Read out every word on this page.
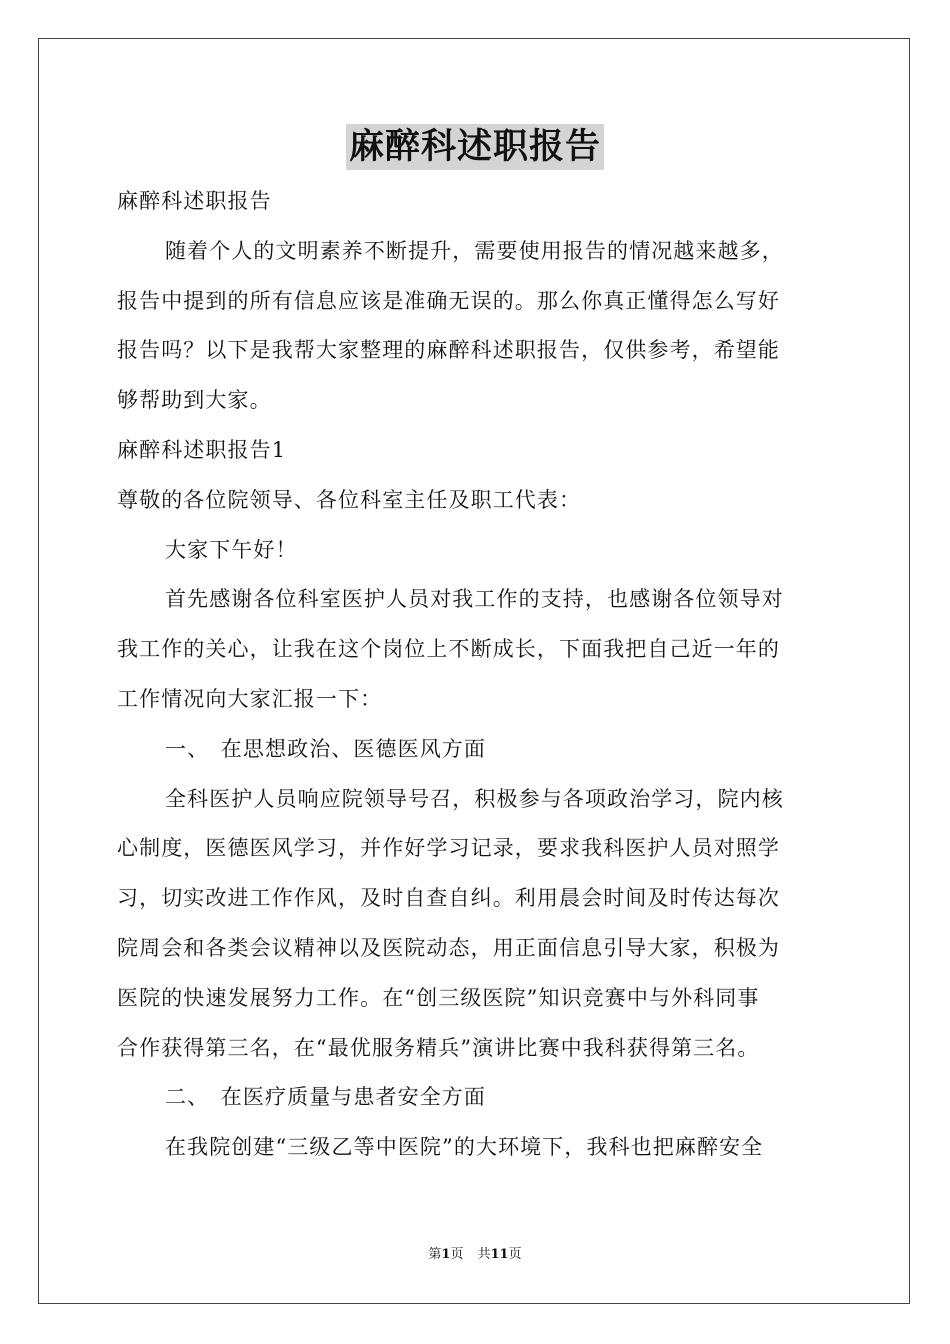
麻醉科述职报告
麻醉科述职报告
随着个人的文明素养不断提升，需要使用报告的情况越来越多，
报告中提到的所有信息应该是准确无误的。那么你真正懂得怎么写好
报告吗？以下是我帮大家整理的麻醉科述职报告，仅供参考，希望能
够帮助到大家。
麻醉科述职报告1
尊敬的各位院领导、各位科室主任及职工代表：
大家下午好！
首先感谢各位科室医护人员对我工作的支持，也感谢各位领导对
我工作的关心，让我在这个岗位上不断成长，下面我把自己近一年的
工作情况向大家汇报一下：
一、　在思想政治、医德医风方面
全科医护人员响应院领导号召，积极参与各项政治学习，院内核
心制度，医德医风学习，并作好学习记录，要求我科医护人员对照学
习，切实改进工作作风，及时自查自纠。利用晨会时间及时传达每次
院周会和各类会议精神以及医院动态，用正面信息引导大家，积极为
医院的快速发展努力工作。在“创三级医院”知识竞赛中与外科同事
合作获得第三名，在“最优服务精兵”演讲比赛中我科获得第三名。
二、　在医疗质量与患者安全方面
在我院创建“三级乙等中医院”的大环境下，我科也把麻醉安全
第1页 共11页
